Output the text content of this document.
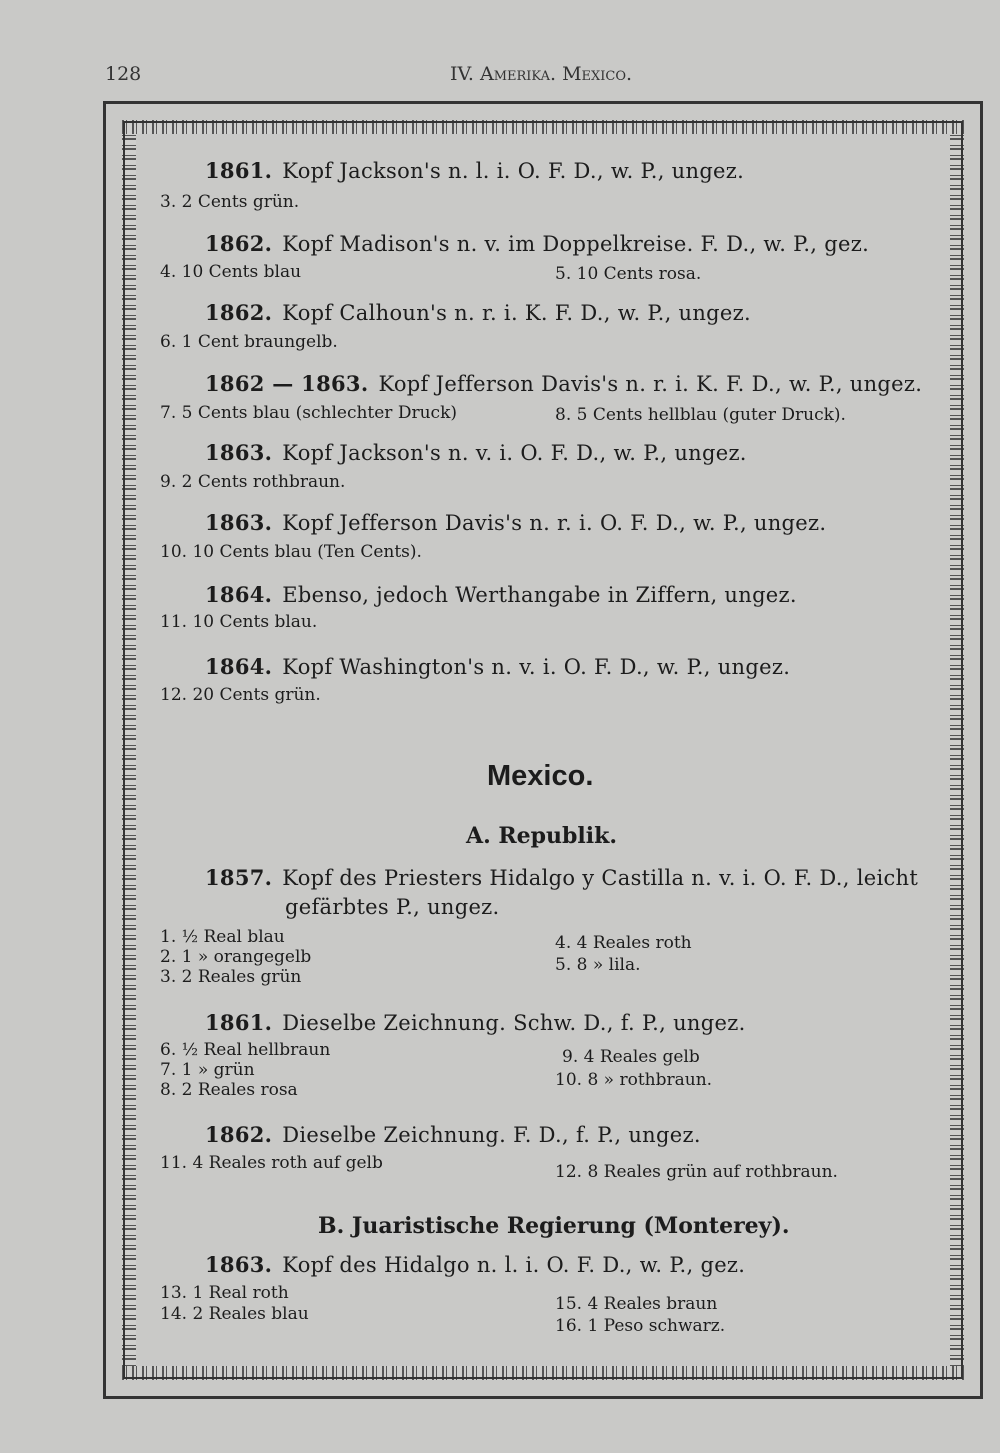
128	IV. Amerika. Mexico.
1861. Kopf Jackson's n. l. i. O. F. D., w. P., ungez.
3. 2 Cents grün.
1862. Kopf Madison's n. v. im Doppelkreise. F. D., w. P., gez.
4. 10 Cents blau	5. 10 Cents rosa.
1862. Kopf Calhoun's n. r. i. K. F. D., w. P., ungez.
6. 1 Cent braungelb.
1862 — 1863. Kopf Jefferson Davis's n. r. i. K. F. D., w. P., ungez.
7. 5 Cents blau (schlechter Druck)	8. 5 Cents hellblau (guter Druck).
1863. Kopf Jackson's n. v. i. O. F. D., w. P., ungez.
9. 2 Cents rothbraun.
1863. Kopf Jefferson Davis's n. r. i. O. F. D., w. P., ungez.
10. 10 Cents blau (Ten Cents).
1864. Ebenso, jedoch Werthangabe in Ziffern, ungez.
11. 10 Cents blau.
1864. Kopf Washington's n. v. i. O. F. D., w. P., ungez.
12. 20 Cents grün.
Mexico.
A. Republik.
1857. Kopf des Priesters Hidalgo y Castilla n. v. i. O. F. D., leicht
gefärbtes P., ungez.
1. ½ Real blau
2. 1 » orangegelb
3. 2 Reales grün
4. 4 Reales roth
5. 8 » lila.
1861. Dieselbe Zeichnung. Schw. D., f. P., ungez.
6. ½ Real hellbraun
7. 1 » grün
8. 2 Reales rosa
9. 4 Reales gelb
10. 8 » rothbraun.
1862. Dieselbe Zeichnung. F. D., f. P., ungez.
11. 4 Reales roth auf gelb	12. 8 Reales grün auf rothbraun.
B. Juaristische Regierung (Monterey).
1863. Kopf des Hidalgo n. l. i. O. F. D., w. P., gez.
13. 1 Real roth
14. 2 Reales blau	15. 4 Reales braun
16. 1 Peso schwarz.
